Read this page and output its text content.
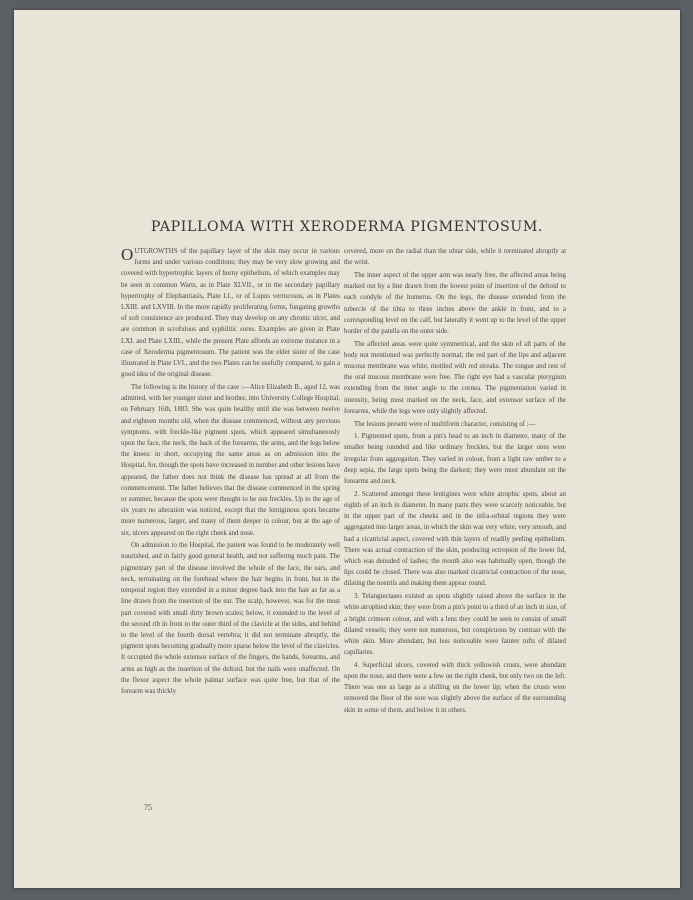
PAPILLOMA WITH XERODERMA PIGMENTOSUM.

OUTGROWTHS of the papillary layer of the skin may occur in various forms and under various conditions; they may be very slow growing and covered with hypertrophic layers of horny epithelium, of which examples may be seen in common Warts, as in Plate XLVII., or in the secondary papillary hypertrophy of Elephantiasis, Plate LI., or of Lupus verrucosus, as in Plates LXIII. and LXVIII. In the more rapidly proliferating forms, fungating growths of soft consistence are produced. They may develop on any chronic ulcer, and are common in scrofulous and syphilitic sores. Examples are given in Plate LXI. and Plate LXIII., while the present Plate affords an extreme instance in a case of Xeroderma pigmentosum. The patient was the elder sister of the case illustrated in Plate LVI., and the two Plates can be usefully compared, to gain a good idea of the original disease.

The following is the history of the case :—Alice Elizabeth B., aged 12, was admitted, with her younger sister and brother, into University College Hospital, on February 16th, 1883. She was quite healthy until she was between twelve and eighteen months old, when the disease commenced, without any previous symptoms, with freckle-like pigment spots, which appeared simultaneously upon the face, the neck, the back of the forearms, the arms, and the legs below the knees: in short, occupying the same areas as on admission into the Hospital, for, though the spots have increased in number and other lesions have appeared, the father does not think the disease has spread at all from the commencement. The father believes that the disease commenced in the spring or summer, because the spots were thought to be sun freckles. Up to the age of six years no alteration was noticed, except that the lentiginous spots became more numerous, larger, and many of them deeper in colour, but at the age of six, ulcers appeared on the right cheek and nose.

On admission to the Hospital, the patient was found to be moderately well nourished, and in fairly good general health, and not suffering much pain. The pigmentary part of the disease involved the whole of the face, the ears, and neck, terminating on the forehead where the hair begins in front, but in the temporal region they extended in a minor degree back into the hair as far as a line drawn from the insertion of the ear. The scalp, however, was for the most part covered with small dirty brown scales; below, it extended to the level of the second rib in front to the outer third of the clavicle at the sides, and behind to the level of the fourth dorsal vertebra; it did not terminate abruptly, the pigment spots becoming gradually more sparse below the level of the clavicles. It occupied the whole extensor surface of the fingers, the hands, forearms, and arms as high as the insertion of the deltoid, but the nails were unaffected. On the flexor aspect the whole palmar surface was quite free, but that of the forearm was thickly

covered, more on the radial than the ulnar side, while it terminated abruptly at the wrist.

The inner aspect of the upper arm was nearly free, the affected areas being marked out by a line drawn from the lowest point of insertion of the deltoid to each condyle of the humerus. On the legs, the disease extended from the tubercle of the tibia to three inches above the ankle in front, and to a corresponding level on the calf, but laterally it went up to the level of the upper border of the patella on the outer side.

The affected areas were quite symmetrical, and the skin of all parts of the body not mentioned was perfectly normal; the red part of the lips and adjacent mucous membrane was white, mottled with red streaks. The tongue and rest of the oral mucous membrane were free. The right eye had a vascular pterygium extending from the inner angle to the cornea. The pigmentation varied in intensity, being most marked on the neck, face, and extensor surface of the forearms, while the legs were only slightly affected.

The lesions present were of multiform character, consisting of :—

1. Pigmented spots, from a pin's head to an inch in diameter, many of the smaller being rounded and like ordinary freckles, but the larger ones were irregular from aggregation. They varied in colour, from a light raw umber to a deep sepia, the large spots being the darkest; they were most abundant on the forearms and neck.

2. Scattered amongst these lentigines were white atrophic spots, about an eighth of an inch in diameter. In many parts they were scarcely noticeable, but in the upper part of the cheeks and in the infra-orbital regions they were aggregated into larger areas, in which the skin was very white, very smooth, and had a cicatricial aspect, covered with thin layers of readily peeling epithelium. There was actual contraction of the skin, producing ectropion of the lower lid, which was denuded of lashes; the mouth also was habitually open, though the lips could be closed. There was also marked cicatricial contraction of the nose, dilating the nostrils and making them appear round.

3. Telangiectases existed as spots slightly raised above the surface in the white atrophied skin; they were from a pin's point to a third of an inch in size, of a bright crimson colour, and with a lens they could be seen to consist of small dilated vessels; they were not numerous, but conspicuous by contrast with the white skin. More abundant, but less noticeable were fainter tufts of dilated capillaries.

4. Superficial ulcers, covered with thick yellowish crusts, were abundant upon the nose, and there were a few on the right cheek, but only two on the left. There was one as large as a shilling on the lower lip; when the crusts were removed the floor of the sore was slightly above the surface of the surrounding skin in some of them, and below it in others.

75
